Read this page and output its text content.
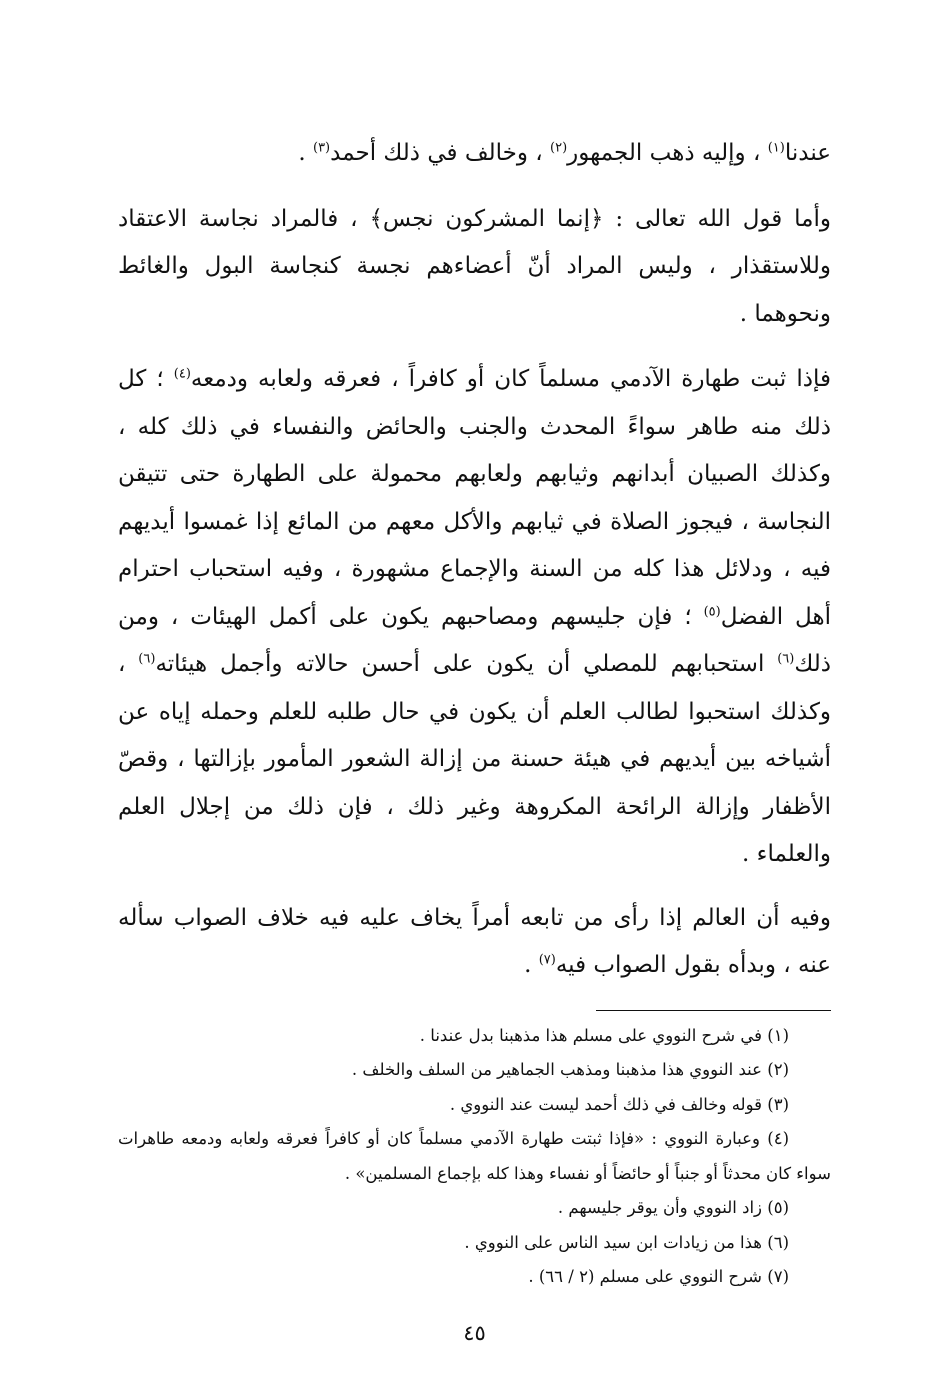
عندنا$^{(١)}$ ، وإليه ذهب الجمهور$^{(٢)}$ ، وخالف في ذلك أحمد$^{(٣)}$ .

وأما قول الله تعالى : ﴿إنما المشركون نجس﴾ ، فالمراد نجاسة الاعتقاد وللاستقذار ، وليس المراد أنّ أعضاءهم نجسة كنجاسة البول والغائط ونحوهما .

فإذا ثبت طهارة الآدمي مسلماً كان أو كافراً ، فعرقه ولعابه ودمعه$^{(٤)}$ ؛ كل ذلك منه طاهر سواءً المحدث والجنب والحائض والنفساء في ذلك كله ، وكذلك الصبيان أبدانهم وثيابهم ولعابهم محمولة على الطهارة حتى تتيقن النجاسة ، فيجوز الصلاة في ثيابهم والأكل معهم من المائع إذا غمسوا أيديهم فيه ، ودلائل هذا كله من السنة والإجماع مشهورة ، وفيه استحباب احترام أهل الفضل$^{(٥)}$ ؛ فإن جليسهم ومصاحبهم يكون على أكمل الهيئات ، ومن ذلك$^{(٦)}$ استحبابهم للمصلي أن يكون على أحسن حالاته وأجمل هيئاته$^{(٦)}$ ، وكذلك استحبوا لطالب العلم أن يكون في حال طلبه للعلم وحمله إياه عن أشياخه بين أيديهم في هيئة حسنة من إزالة الشعور المأمور بإزالتها ، وقصّ الأظفار وإزالة الرائحة المكروهة وغير ذلك ، فإن ذلك من إجلال العلم والعلماء .

وفيه أن العالم إذا رأى من تابعه أمراً يخاف عليه فيه خلاف الصواب سأله عنه ، وبدأه بقول الصواب فيه$^{(٧)}$ .

(١) في شرح النووي على مسلم هذا مذهبنا بدل عندنا .

(٢) عند النووي هذا مذهبنا ومذهب الجماهير من السلف والخلف .

(٣) قوله وخالف في ذلك أحمد ليست عند النووي .

(٤) وعبارة النووي : «فإذا ثبتت طهارة الآدمي مسلماً كان أو كافراً فعرقه ولعابه ودمعه طاهرات سواء كان محدثاً أو جنباً أو حائضاً أو نفساء وهذا كله بإجماع المسلمين» .

(٥) زاد النووي وأن يوقر جليسهم .

(٦) هذا من زيادات ابن سيد الناس على النووي .

(٧) شرح النووي على مسلم (٢ / ٦٦) .

٤٥
